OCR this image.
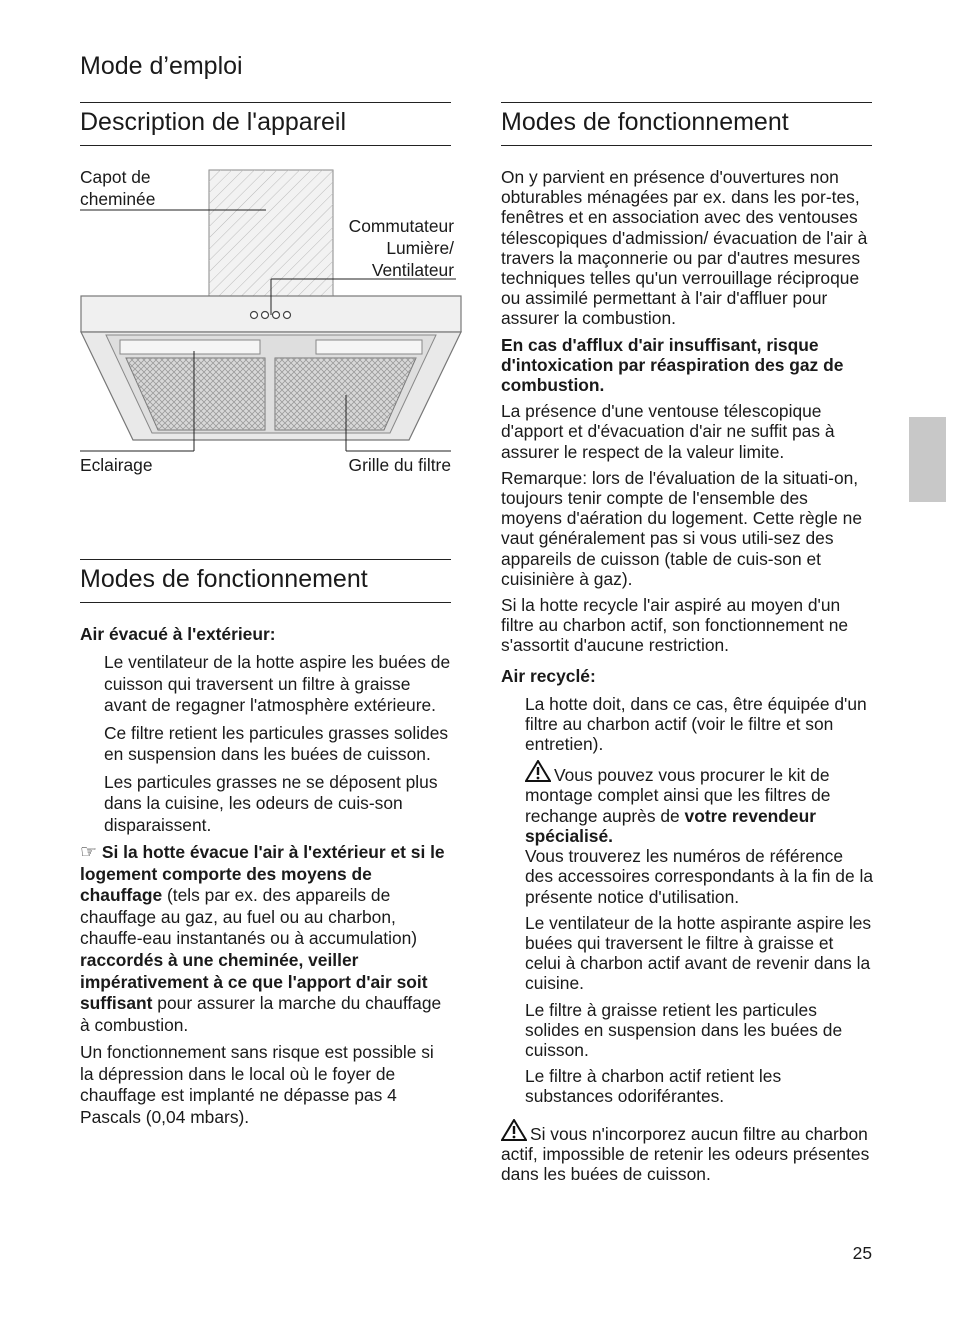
Mode d’emploi
Description de l'appareil
Capot de
cheminée
Commutateur
Lumière/
Ventilateur
Eclairage	Grille du filtre
Modes de fonctionnement
Air évacué à l'extérieur:

Le ventilateur de la hotte aspire les buées de cuisson qui traversent un filtre à graisse avant de regagner l'atmosphère extérieure.

Ce filtre retient les particules grasses solides en suspension dans les buées de cuisson.

Les particules grasses ne se déposent plus dans la cuisine, les odeurs de cuis-son disparaissent.

☞ Si la hotte évacue l'air à l'extérieur et si le logement comporte des moyens de chauffage (tels par ex. des appareils de chauffage au gaz, au fuel ou au charbon, chauffe-eau instantanés ou à accumulation) raccordés à une cheminée, veiller impérativement à ce que l'apport d'air soit suffisant pour assurer la marche du chauffage à combustion.

Un fonctionnement sans risque est possible si la dépression dans le local où le foyer de chauffage est implanté ne dépasse pas 4 Pascals (0,04 mbars).

Modes de fonctionnement

On y parvient en présence d'ouvertures non obturables ménagées par ex. dans les por-tes, fenêtres et en association avec des ventouses télescopiques d'admission/ évacuation de l'air à travers la maçonnerie ou par d'autres mesures techniques telles qu'un verrouillage réciproque ou assimilé permettant à l'air d'affluer pour assurer la combustion.

En cas d'afflux d'air insuffisant, risque d'intoxication par réaspiration des gaz de combustion.

La présence d'une ventouse télescopique d'apport et d'évacuation d'air ne suffit pas à assurer le respect de la valeur limite.

Remarque: lors de l'évaluation de la situati-on, toujours tenir compte de l'ensemble des moyens d'aération du logement. Cette règle ne vaut généralement pas si vous utili-sez des appareils de cuisson (table de cuis-son et cuisinière à gaz).

Si la hotte recycle l'air aspiré au moyen d'un filtre au charbon actif, son fonctionnement ne s'assortit d'aucune restriction.

Air recyclé:

La hotte doit, dans ce cas, être équipée d'un filtre au charbon actif (voir le filtre et son entretien).

Vous pouvez vous procurer le kit de montage complet ainsi que les filtres de rechange auprès de votre revendeur spécialisé.
Vous trouverez les numéros de référence des accessoires correspondants à la fin de la présente notice d'utilisation.

Le ventilateur de la hotte aspirante aspire les buées qui traversent le filtre à graisse et celui à charbon actif avant de revenir dans la cuisine.

Le filtre à graisse retient les particules solides en suspension dans les buées de cuisson.

Le filtre à charbon actif retient les substances odoriférantes.

Si vous n'incorporez aucun filtre au charbon actif, impossible de retenir les odeurs présentes dans les buées de cuisson.

25
